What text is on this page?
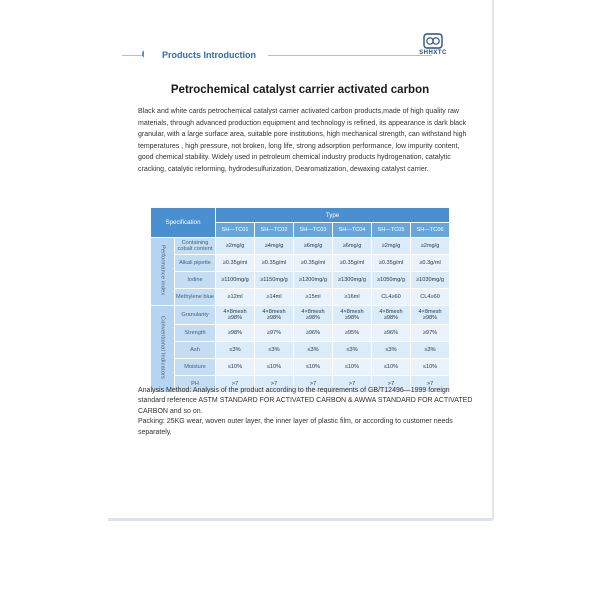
Products Introduction	SHHXTC
Petrochemical catalyst carrier activated carbon

Black and white cards petrochemical catalyst carrier activated carbon products,made of high quality raw materials, through advanced production equipment and technology is refined, its appearance is dark black granular, with a large surface area, suitable pore institutions, high mechanical strength, can withstand high temperatures , high pressure, not broken, long life, strong adsorption performance, low impurity content, good chemical stability. Widely used in petroleum chemical industry products hydrogenation, catalytic cracking, catalytic reforming, hydrodesulfurization, Dearomatization, dewaxing catalyst carrier.

Specification		Type					
		SH—TC01	SH—TC02	SH—TC03	SH—TC04	SH—TC05	SH—TC06
Performance index	Containing cobalt content	≥2mg/g	≥4mg/g	≥6mg/g	≥6mg/g	≥2mg/g	≥2mg/g
	Alkali pipette	≥0.35g/ml	≥0.35g/ml	≥0.35g/ml	≥0.35g/ml	≥0.35g/ml	≥0.3g/ml
	Iodine	≥1100mg/g	≥1150mg/g	≥1200mg/g	≥1300mg/g	≥1050mg/g	≥1030mg/g
	Methylene blue	≥12ml	≥14ml	≥15ml	≥16ml	CL4≥60	CL4≥60
Conventional Indicators	Granularity	4×8mesh ≥98%	4×8mesh ≥98%	4×8mesh ≥98%	4×8mesh ≥98%	4×8mesh ≥98%	4×8mesh ≥98%
	Strength	≥98%	≥97%	≥96%	≥95%	≥96%	≥97%
	Ash	≤3%	≤3%	≤3%	≤3%	≤3%	≤3%
	Moisture	≤10%	≤10%	≤10%	≤10%	≤10%	≤10%
	PH	>7	>7	>7	>7	>7	>7
Analysis Method: Analysis of the product according to the requirements of GB/T12496—1999 foreign standard reference ASTM STANDARD FOR ACTIVATED CARBON & AWWA STANDARD FOR ACTIVATED CARBON and so on.
Packing: 25KG wear, woven outer layer, the inner layer of plastic film, or according to customer needs separately.
